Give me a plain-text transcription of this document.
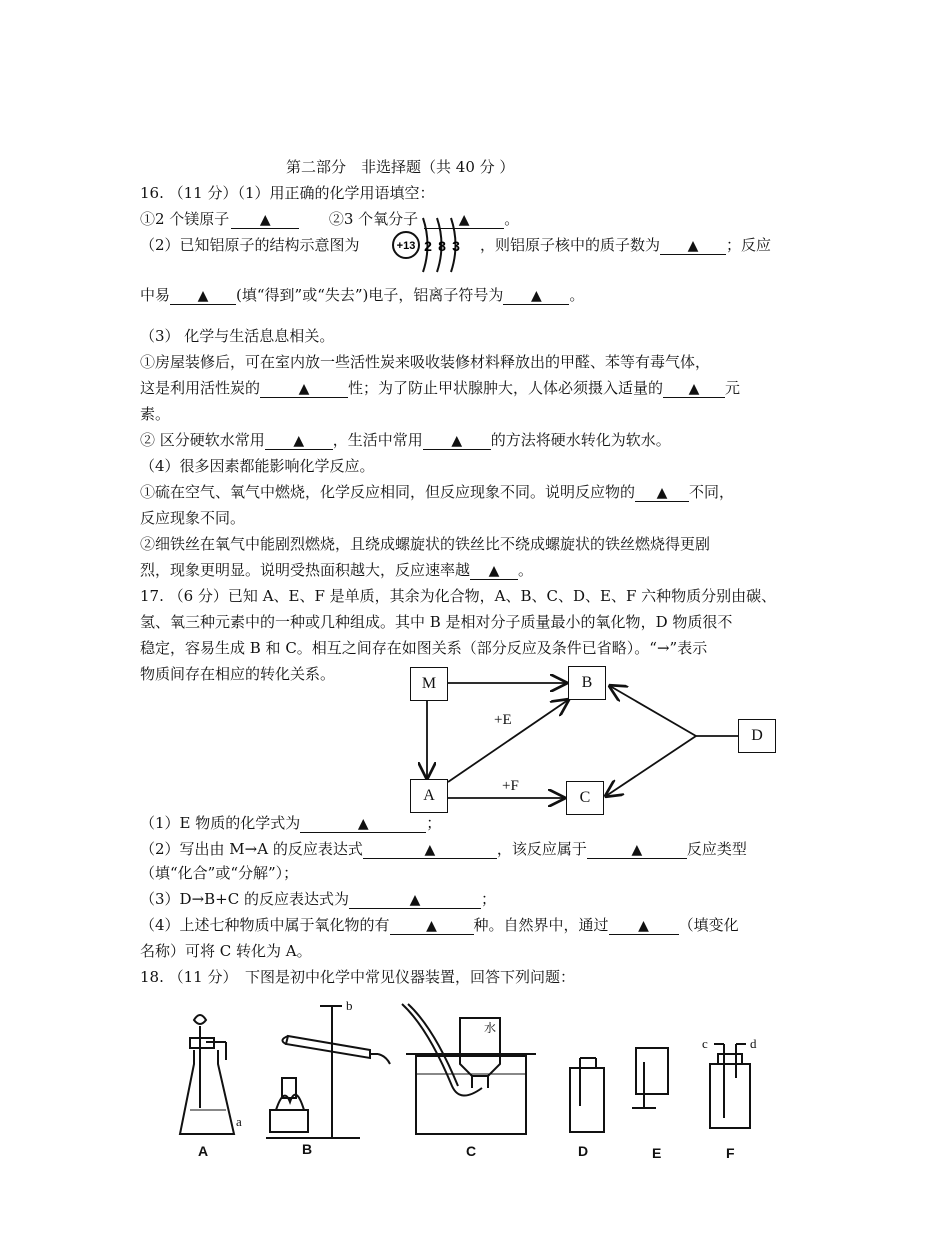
第二部分　非选择题（共 40 分 ）
16. （11 分）（1）用正确的化学用语填空：
①2 个镁原子 ▲	②3 个氧分子	▲ 。
（2）已知铝原子的结构示意图为	+13 2 8 3 ，则铝原子核中的质子数为 ▲ ；反应
中易 ▲ (填“得到”或“失去”)电子，铝离子符号为 ▲ 。
（3） 化学与生活息息相关。
①房屋装修后，可在室内放一些活性炭来吸收装修材料释放出的甲醛、苯等有毒气体，
这是利用活性炭的	▲	性；为了防止甲状腺肿大，人体必须摄入适量的 ▲ 元
素。
② 区分硬软水常用 ▲ ，生活中常用 ▲ 的方法将硬水转化为软水。
（4）很多因素都能影响化学反应。
①硫在空气、氧气中燃烧，化学反应相同，但反应现象不同。说明反应物的 ▲ 不同，
反应现象不同。
②细铁丝在氧气中能剧烈燃烧，且绕成螺旋状的铁丝比不绕成螺旋状的铁丝燃烧得更剧
烈，现象更明显。说明受热面积越大，反应速率越 ▲ 。
17. （6 分）已知 A、E、F 是单质，其余为化合物，A、B、C、D、E、F 六种物质分别由碳、
氢、氧三种元素中的一种或几种组成。其中 B 是相对分子质量最小的氧化物，D 物质很不
稳定，容易生成 B 和 C。相互之间存在如图关系（部分反应及条件已省略）。“→”表示
物质间存在相应的转化关系。
M	B
D
A	C
+E
+F
（1）E 物质的化学式为	▲	；
（2）写出由 M→A 的反应表达式	▲	，该反应属于	▲	反应类型
（填“化合”或“分解”）；
（3）D→B+C 的反应表达式为	▲	；
（4）上述七种物质中属于氧化物的有	▲ 种。自然界中，通过 ▲ （填变化
名称）可将 C 转化为 A。
18. （11 分）　下图是初中化学中常见仪器装置，回答下列问题：
a
b
水
c	d
A	B	C	D	E	F
